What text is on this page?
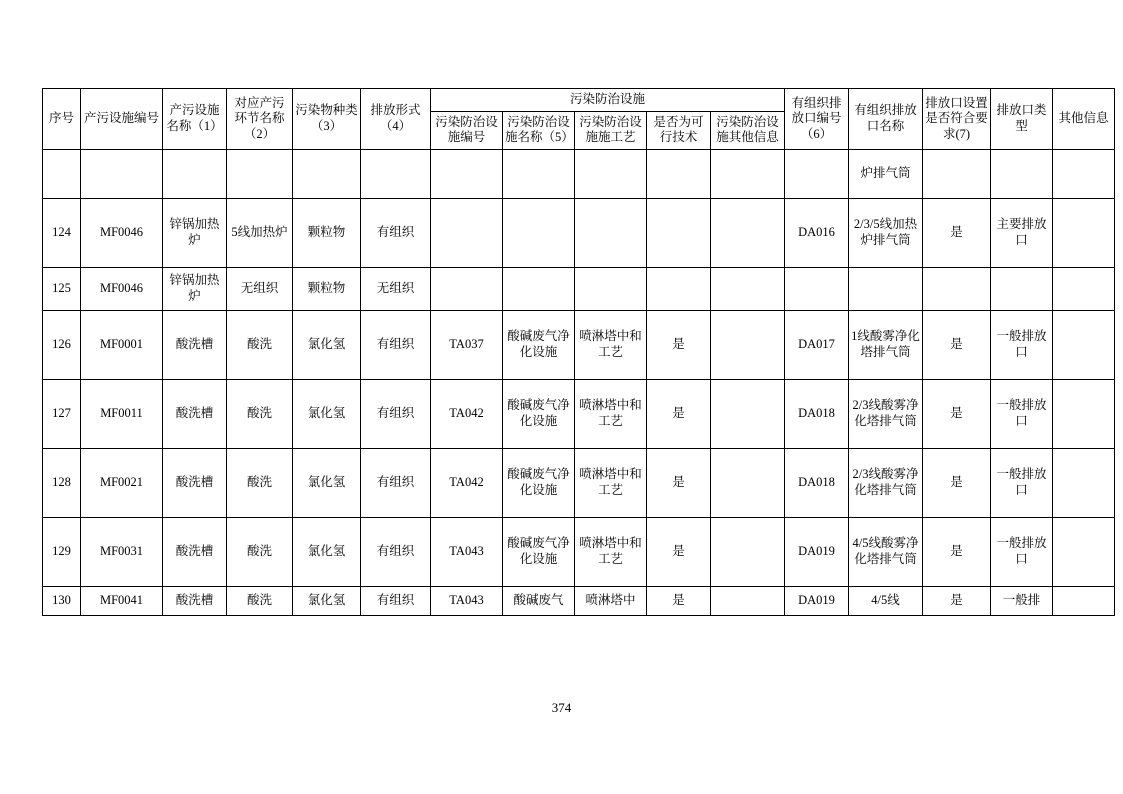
序号	产污设施编号	产污设施名称（1）	对应产污环节名称（2）	污染物种类（3）	排放形式（4）	污染防治设施					有组织排放口编号（6）	有组织排放口名称	排放口设置是否符合要求(7)	排放口类型	其他信息
						污染防治设施编号	污染防治设施名称（5）	污染防治设施施工艺	是否为可行技术	污染防治设施其他信息					
												炉排气筒			
124	MF0046	锌锅加热炉	5线加热炉	颗粒物	有组织						DA016	2/3/5线加热炉排气筒	是	主要排放口	
125	MF0046	锌锅加热炉	无组织	颗粒物	无组织										
126	MF0001	酸洗槽	酸洗	氯化氢	有组织	TA037	酸碱废气净化设施	喷淋塔中和工艺	是		DA017	1线酸雾净化塔排气筒	是	一般排放口	
127	MF0011	酸洗槽	酸洗	氯化氢	有组织	TA042	酸碱废气净化设施	喷淋塔中和工艺	是		DA018	2/3线酸雾净化塔排气筒	是	一般排放口	
128	MF0021	酸洗槽	酸洗	氯化氢	有组织	TA042	酸碱废气净化设施	喷淋塔中和工艺	是		DA018	2/3线酸雾净化塔排气筒	是	一般排放口	
129	MF0031	酸洗槽	酸洗	氯化氢	有组织	TA043	酸碱废气净化设施	喷淋塔中和工艺	是		DA019	4/5线酸雾净化塔排气筒	是	一般排放口	
130	MF0041	酸洗槽	酸洗	氯化氢	有组织	TA043	酸碱废气	喷淋塔中	是		DA019	4/5线	是	一般排	
374
